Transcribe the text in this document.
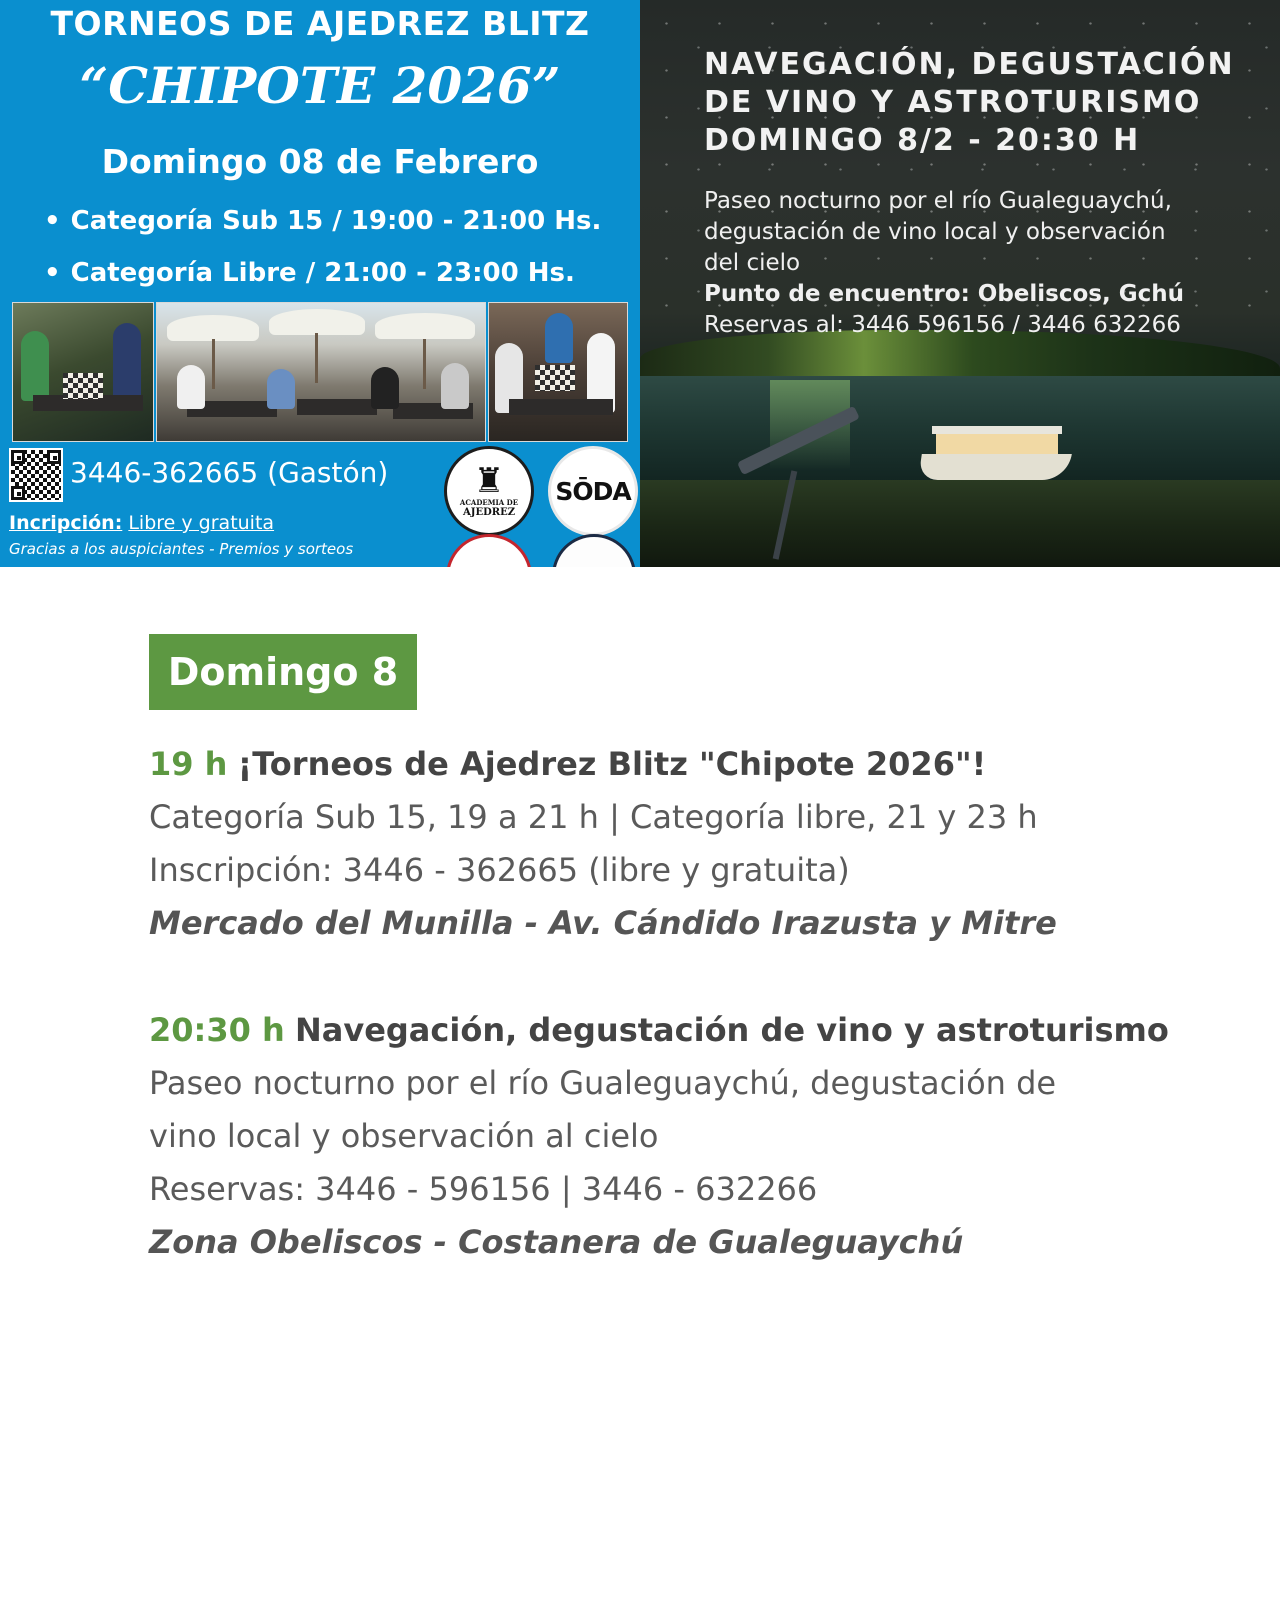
TORNEOS DE AJEDREZ BLITZ
“CHIPOTE 2026”
Domingo 08 de Febrero
• Categoría Sub 15 / 19:00 - 21:00 Hs.
• Categoría Libre / 21:00 - 23:00 Hs.
3446-362665 (Gastón)
Incripción: Libre y gratuita
Gracias a los auspiciantes - Premios y sorteos
♜
ACADEMIA DE
AJEDREZ
SŌDA
NAVEGACIÓN, DEGUSTACIÓN
DE VINO Y ASTROTURISMO
DOMINGO 8/2 - 20:30 H
Paseo nocturno por el río Gualeguaychú,
degustación de vino local y observación
del cielo
Punto de encuentro: Obeliscos, Gchú
Reservas al: 3446 596156 / 3446 632266
Domingo 8
19 h ¡Torneos de Ajedrez Blitz "Chipote 2026"!
Categoría Sub 15, 19 a 21 h | Categoría libre, 21 y 23 h
Inscripción: 3446 - 362665 (libre y gratuita)
Mercado del Munilla - Av. Cándido Irazusta y Mitre
20:30 h Navegación, degustación de vino y astroturismo
Paseo nocturno por el río Gualeguaychú, degustación de
vino local y observación al cielo
Reservas: 3446 - 596156 | 3446 - 632266
Zona Obeliscos - Costanera de Gualeguaychú
